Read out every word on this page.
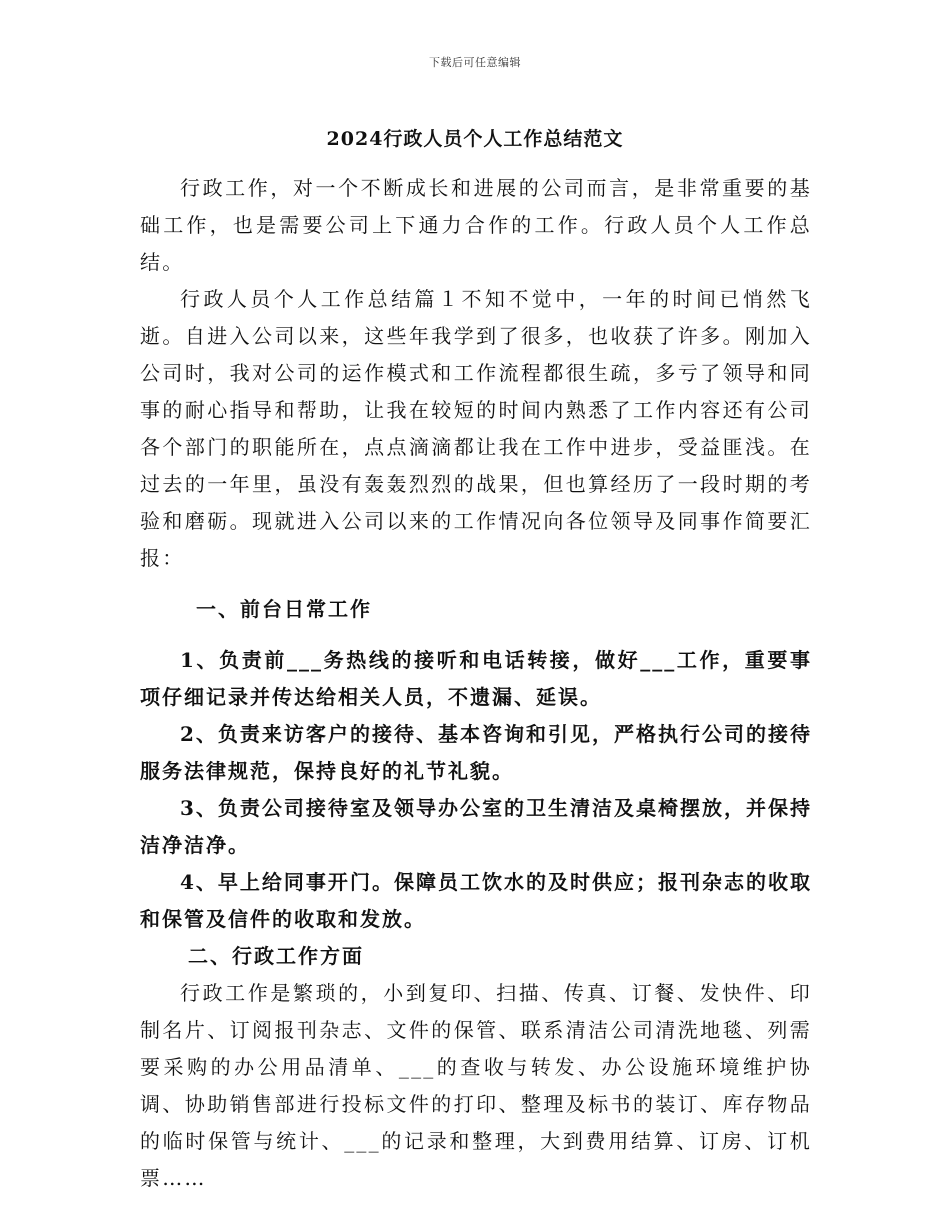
下载后可任意编辑
2024行政人员个人工作总结范文

行政工作，对一个不断成长和进展的公司而言，是非常重要的基础工作，也是需要公司上下通力合作的工作。行政人员个人工作总结。

行政人员个人工作总结篇１不知不觉中，一年的时间已悄然飞逝。自进入公司以来，这些年我学到了很多，也收获了许多。刚加入公司时，我对公司的运作模式和工作流程都很生疏，多亏了领导和同事的耐心指导和帮助，让我在较短的时间内熟悉了工作内容还有公司各个部门的职能所在，点点滴滴都让我在工作中进步，受益匪浅。在过去的一年里，虽没有轰轰烈烈的战果，但也算经历了一段时期的考验和磨砺。现就进入公司以来的工作情况向各位领导及同事作简要汇报：

一、前台日常工作

1、负责前___务热线的接听和电话转接，做好___工作，重要事项仔细记录并传达给相关人员，不遗漏、延误。

2、负责来访客户的接待、基本咨询和引见，严格执行公司的接待服务法律规范，保持良好的礼节礼貌。

3、负责公司接待室及领导办公室的卫生清洁及桌椅摆放，并保持洁净洁净。

4、早上给同事开门。保障员工饮水的及时供应；报刊杂志的收取和保管及信件的收取和发放。

二、行政工作方面

行政工作是繁琐的，小到复印、扫描、传真、订餐、发快件、印制名片、订阅报刊杂志、文件的保管、联系清洁公司清洗地毯、列需要采购的办公用品清单、___的查收与转发、办公设施环境维护协调、协助销售部进行投标文件的打印、整理及标书的装订、库存物品的临时保管与统计、___的记录和整理，大到费用结算、订房、订机票……
